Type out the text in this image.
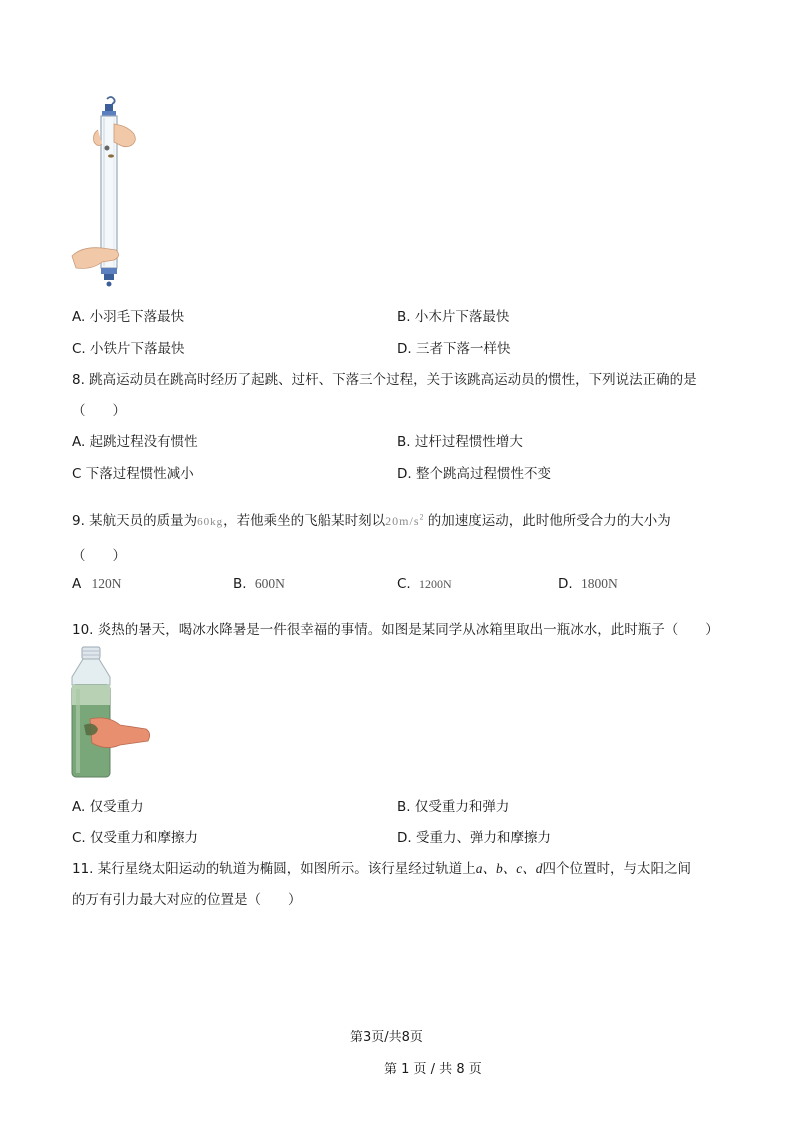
A. 小羽毛下落最快	B. 小木片下落最快
C. 小铁片下落最快	D. 三者下落一样快
8. 跳高运动员在跳高时经历了起跳、过杆、下落三个过程，关于该跳高运动员的惯性，下列说法正确的是
（　　）
A. 起跳过程没有惯性	B. 过杆过程惯性增大
C 下落过程惯性减小	D. 整个跳高过程惯性不变
9. 某航天员的质量为60kg，若他乘坐的飞船某时刻以$20m/s^2$ 的加速度运动，此时他所受合力的大小为
（　　）
A 120N	B. 600N	C. 1200N	D. 1800N
10. 炎热的暑天，喝冰水降暑是一件很幸福的事情。如图是某同学从冰箱里取出一瓶冰水，此时瓶子（　　）
A. 仅受重力	B. 仅受重力和弹力
C. 仅受重力和摩擦力	D. 受重力、弹力和摩擦力
11. 某行星绕太阳运动的轨道为椭圆，如图所示。该行星经过轨道上a、b、c、d四个位置时，与太阳之间
的万有引力最大对应的位置是（　　）
第3页/共8页
第 1 页 / 共 8 页
